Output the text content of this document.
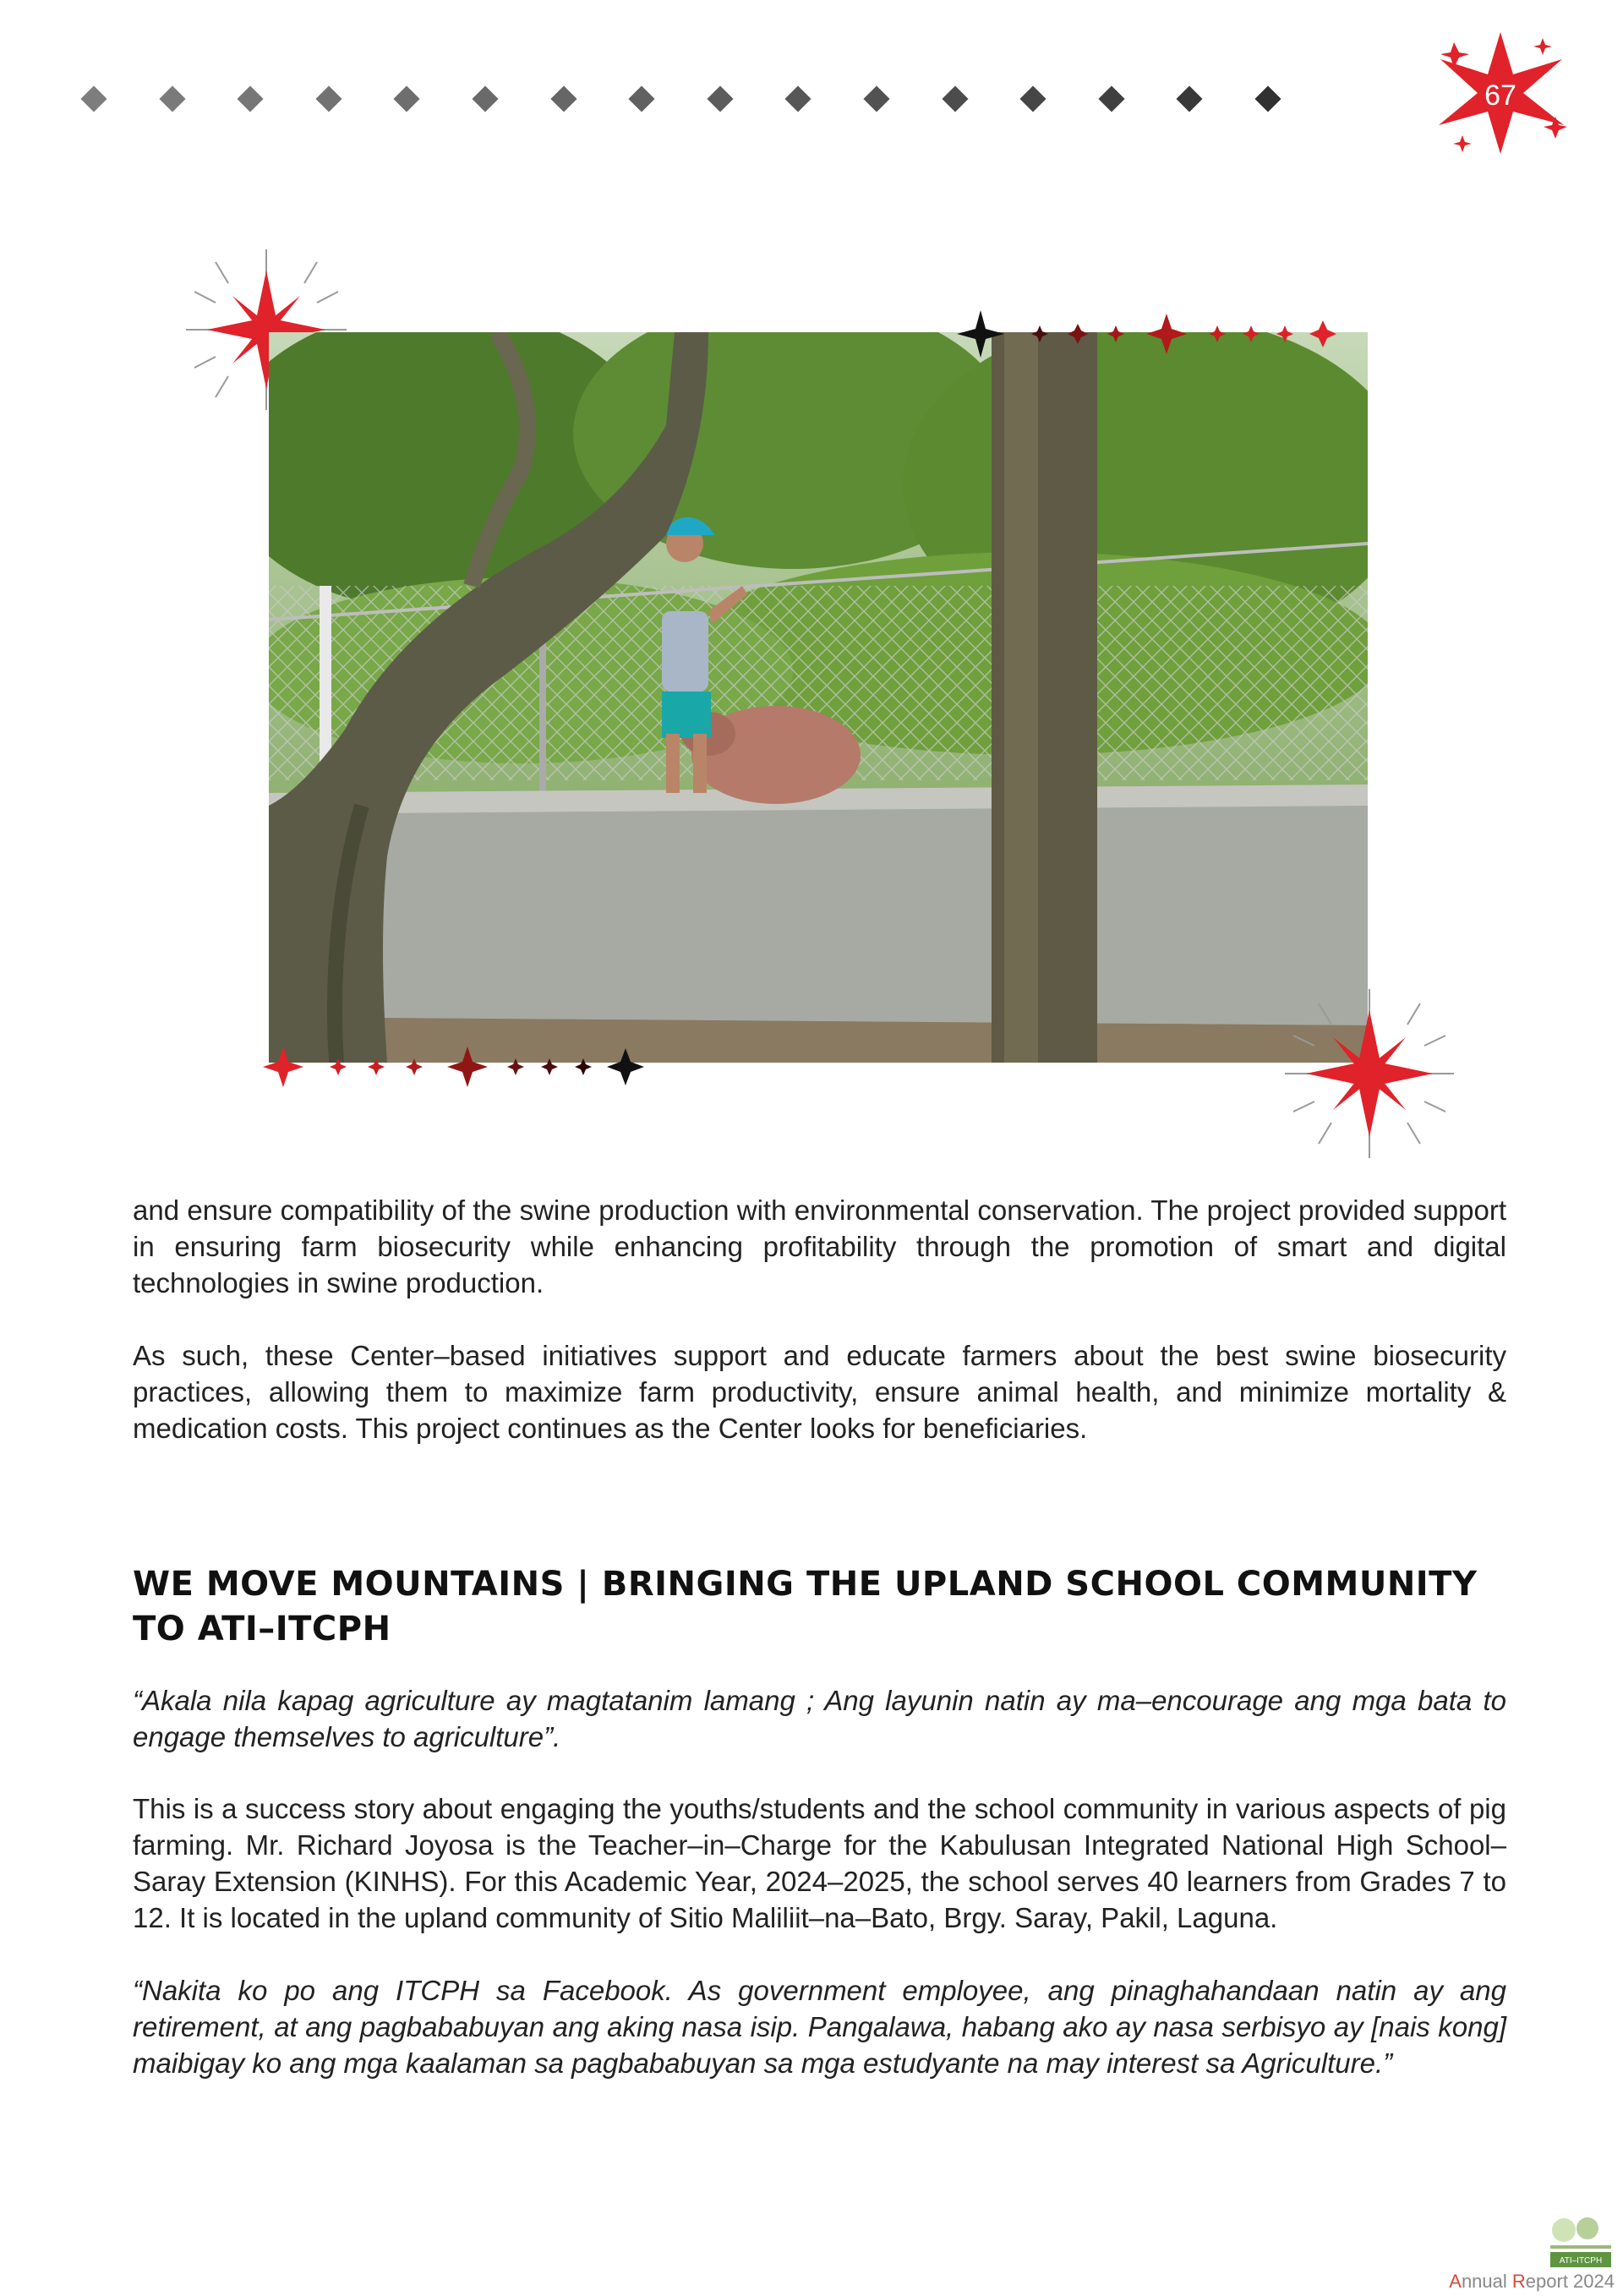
67

and ensure compatibility of the swine production with environmental conservation. The project provided support in ensuring farm biosecurity while enhancing profitability through the promotion of smart and digital technologies in swine production.

As such, these Center–based initiatives support and educate farmers about the best swine biosecurity practices, allowing them to maximize farm productivity, ensure animal health, and minimize mortality & medication costs. This project continues as the Center looks for beneficiaries.

WE MOVE MOUNTAINS | BRINGING THE UPLAND SCHOOL COMMUNITY TO ATI–ITCPH

“Akala nila kapag agriculture ay magtatanim lamang ; Ang layunin natin ay ma–encourage ang mga bata to engage themselves to agriculture”.

This is a success story about engaging the youths/students and the school community in various aspects of pig farming. Mr. Richard Joyosa is the Teacher–in–Charge for the Kabulusan Integrated National High School– Saray Extension (KINHS). For this Academic Year, 2024–2025, the school serves 40 learners from Grades 7 to 12. It is located in the upland community of Sitio Maliliit–na–Bato, Brgy. Saray, Pakil, Laguna.

“Nakita ko po ang ITCPH sa Facebook. As government employee, ang pinaghahandaan natin ay ang retirement, at ang pagbababuyan ang aking nasa isip. Pangalawa, habang ako ay nasa serbisyo ay [nais kong] maibigay ko ang mga kaalaman sa pagbababuyan sa mga estudyante na may interest sa Agriculture.”

ATI–ITCPH
Annual Report 2024
